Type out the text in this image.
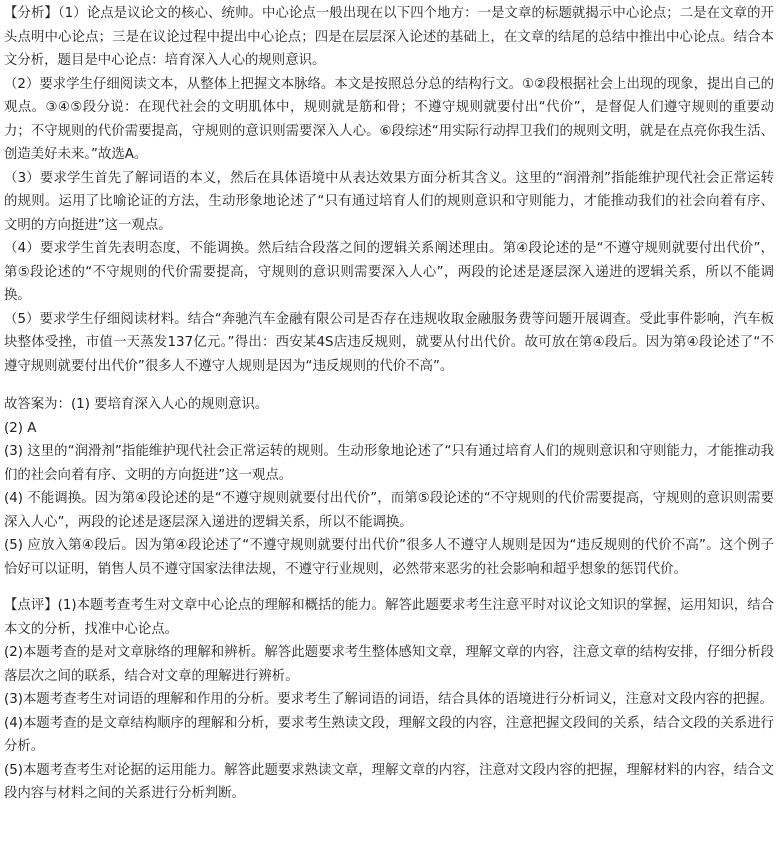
【分析】（1）论点是议论文的核心、统帅。中心论点一般出现在以下四个地方：一是文章的标题就揭示中心论点；二是在文章的开头点明中心论点；三是在议论过程中提出中心论点；四是在层层深入论述的基础上，在文章的结尾的总结中推出中心论点。结合本文分析，题目是中心论点：培育深入人心的规则意识。

（2）要求学生仔细阅读文本，从整体上把握文本脉络。本文是按照总分总的结构行文。①②段根据社会上出现的现象，提出自己的观点。③④⑤段分说：在现代社会的文明肌体中，规则就是筋和骨；不遵守规则就要付出“代价”，是督促人们遵守规则的重要动力；不守规则的代价需要提高，守规则的意识则需要深入人心。⑥段综述“用实际行动捍卫我们的规则文明，就是在点亮你我生活、创造美好未来。”故选A。

（3）要求学生首先了解词语的本义，然后在具体语境中从表达效果方面分析其含义。这里的“润滑剂”指能维护现代社会正常运转的规则。运用了比喻论证的方法，生动形象地论述了“只有通过培育人们的规则意识和守则能力，才能推动我们的社会向着有序、文明的方向挺进”这一观点。

（4）要求学生首先表明态度，不能调换。然后结合段落之间的逻辑关系阐述理由。第④段论述的是“不遵守规则就要付出代价”，第⑤段论述的“不守规则的代价需要提高，守规则的意识则需要深入人心”，两段的论述是逐层深入递进的逻辑关系，所以不能调换。

（5）要求学生仔细阅读材料。结合“奔驰汽车金融有限公司是否存在违规收取金融服务费等问题开展调查。受此事件影响，汽车板块整体受挫，市值一天蒸发137亿元。”得出：西安某4S店违反规则，就要从付出代价。故可放在第④段后。因为第④段论述了“不遵守规则就要付出代价”很多人不遵守人规则是因为“违反规则的代价不高”。

故答案为：(1) 要培育深入人心的规则意识。

(2) A

(3) 这里的“润滑剂”指能维护现代社会正常运转的规则。生动形象地论述了“只有通过培育人们的规则意识和守则能力，才能推动我们的社会向着有序、文明的方向挺进”这一观点。

(4) 不能调换。因为第④段论述的是“不遵守规则就要付出代价”，而第⑤段论述的“不守规则的代价需要提高，守规则的意识则需要深入人心”，两段的论述是逐层深入递进的逻辑关系，所以不能调换。

(5) 应放入第④段后。因为第④段论述了“不遵守规则就要付出代价”很多人不遵守人规则是因为“违反规则的代价不高”。这个例子恰好可以证明，销售人员不遵守国家法律法规，不遵守行业规则，必然带来恶劣的社会影响和超乎想象的惩罚代价。

【点评】(1)本题考查考生对文章中心论点的理解和概括的能力。解答此题要求考生注意平时对议论文知识的掌握，运用知识，结合本文的分析，找准中心论点。

(2)本题考查的是对文章脉络的理解和辨析。解答此题要求考生整体感知文章，理解文章的内容，注意文章的结构安排，仔细分析段落层次之间的联系，结合对文章的理解进行辨析。

(3)本题考查考生对词语的理解和作用的分析。要求考生了解词语的词语，结合具体的语境进行分析词义，注意对文段内容的把握。

(4)本题考查的是文章结构顺序的理解和分析，要求考生熟读文段，理解文段的内容，注意把握文段间的关系，结合文段的关系进行分析。

(5)本题考查考生对论据的运用能力。解答此题要求熟读文章，理解文章的内容，注意对文段内容的把握，理解材料的内容，结合文段内容与材料之间的关系进行分析判断。
